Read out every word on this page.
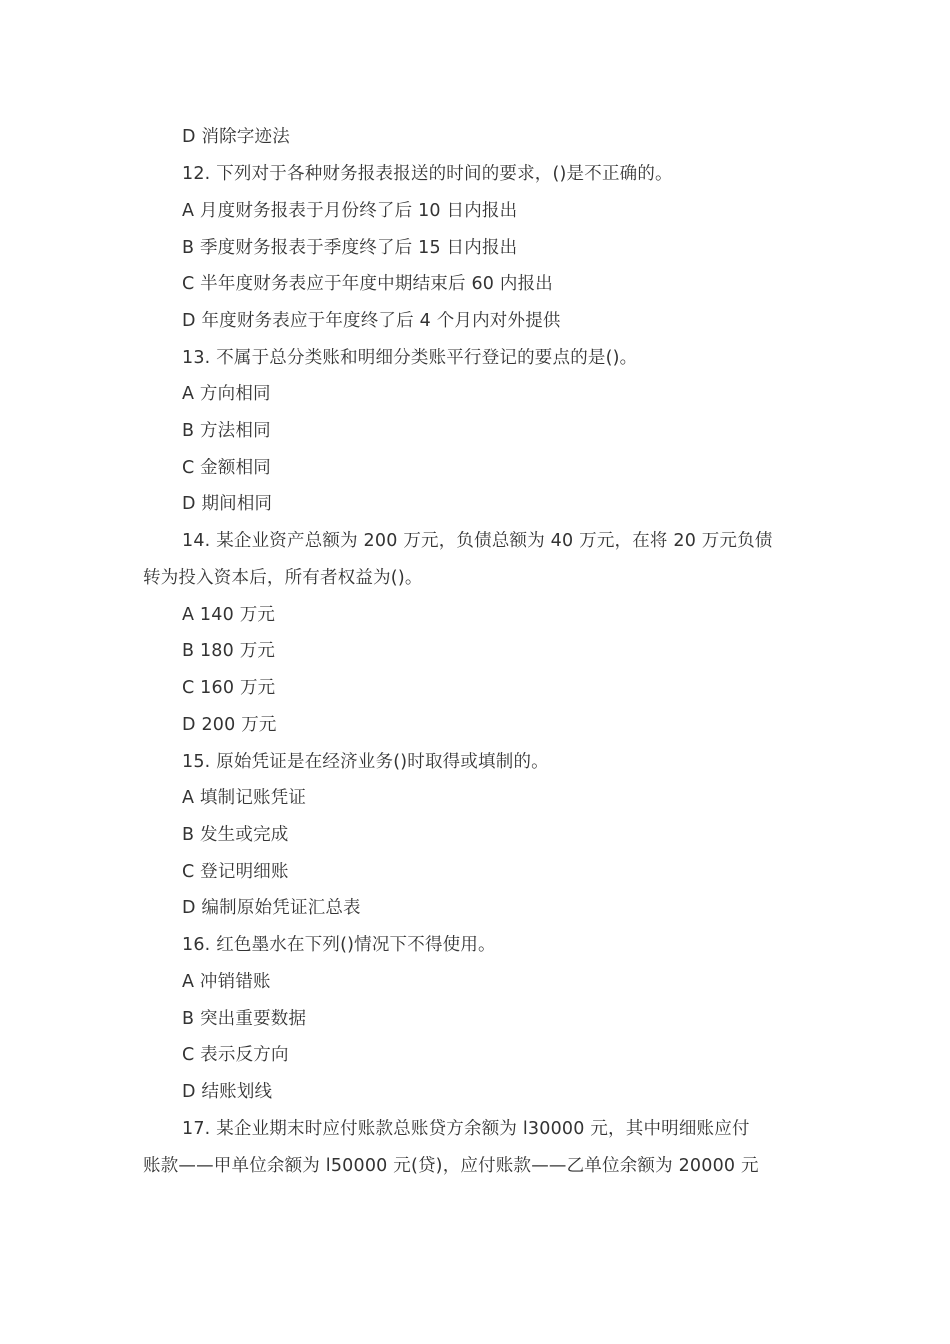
D 消除字迹法
12. 下列对于各种财务报表报送的时间的要求，()是不正确的。
A 月度财务报表于月份终了后 10 日内报出
B 季度财务报表于季度终了后 15 日内报出
C 半年度财务表应于年度中期结束后 60 内报出
D 年度财务表应于年度终了后 4 个月内对外提供
13. 不属于总分类账和明细分类账平行登记的要点的是()。
A 方向相同
B 方法相同
C 金额相同
D 期间相同
14. 某企业资产总额为 200 万元，负债总额为 40 万元，在将 20 万元负债
转为投入资本后，所有者权益为()。
A 140 万元
B 180 万元
C 160 万元
D 200 万元
15. 原始凭证是在经济业务()时取得或填制的。
A 填制记账凭证
B 发生或完成
C 登记明细账
D 编制原始凭证汇总表
16. 红色墨水在下列()情况下不得使用。
A 冲销错账
B 突出重要数据
C 表示反方向
D 结账划线
17. 某企业期末时应付账款总账贷方余额为 l30000 元，其中明细账应付
账款——甲单位余额为 l50000 元(贷)，应付账款——乙单位余额为 20000 元
